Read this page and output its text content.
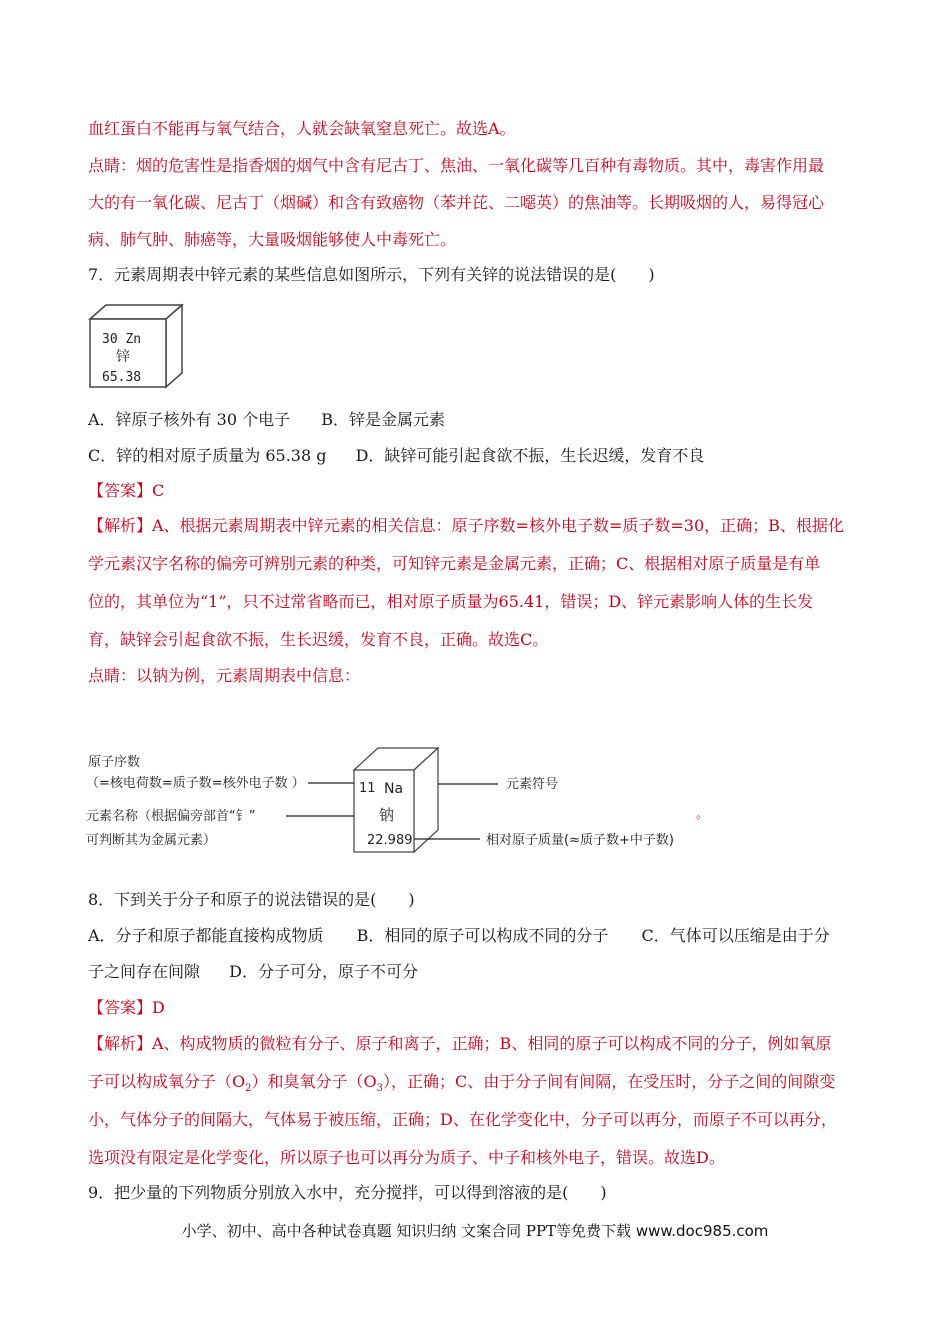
血红蛋白不能再与氧气结合，人就会缺氧窒息死亡。故选A。
点睛：烟的危害性是指香烟的烟气中含有尼古丁、焦油、一氧化碳等几百种有毒物质。其中，毒害作用最
大的有一氧化碳、尼古丁（烟碱）和含有致癌物（苯并芘、二噁英）的焦油等。长期吸烟的人，易得冠心
病、肺气肿、肺癌等，大量吸烟能够使人中毒死亡。
7．元素周期表中锌元素的某些信息如图所示，下列有关锌的说法错误的是(　　)
30 Zn
锌
65.38
A．锌原子核外有 30 个电子 B．锌是金属元素
C．锌的相对原子质量为 65.38 g D．缺锌可能引起食欲不振，生长迟缓，发育不良
【答案】C
【解析】A、根据元素周期表中锌元素的相关信息：原子序数=核外电子数=质子数=30，正确；B、根据化
学元素汉字名称的偏旁可辨别元素的种类，可知锌元素是金属元素，正确；C、根据相对原子质量是有单
位的，其单位为“1”，只不过常省略而已，相对原子质量为65.41，错误；D、锌元素影响人体的生长发
育，缺锌会引起食欲不振，生长迟缓，发育不良，正确。故选C。
点睛：以钠为例，元素周期表中信息：
原子序数
（=核电荷数=质子数=核外电子数 ）
元素名称（根据偏旁部首“钅”
可判断其为金属元素）
11 Na
钠
22.989
元素符号
相对原子质量(≈质子数+中子数)
。
8．下到关于分子和原子的说法错误的是(　　)
A．分子和原子都能直接构成物质 B．相同的原子可以构成不同的分子 C．气体可以压缩是由于分
子之间存在间隙 D．分子可分，原子不可分
【答案】D
【解析】A、构成物质的微粒有分子、原子和离子，正确；B、相同的原子可以构成不同的分子，例如氧原
子可以构成氧分子$(O_2)$和臭氧分子$(O_3)$，正确；C、由于分子间有间隔，在受压时，分子之间的间隙变
小，气体分子的间隔大，气体易于被压缩，正确；D、在化学变化中，分子可以再分，而原子不可以再分，
选项没有限定是化学变化，所以原子也可以再分为质子、中子和核外电子，错误。故选D。
9．把少量的下列物质分别放入水中，充分搅拌，可以得到溶液的是(　　)
小学、初中、高中各种试卷真题 知识归纳 文案合同 PPT等免费下载 www.doc985.com
